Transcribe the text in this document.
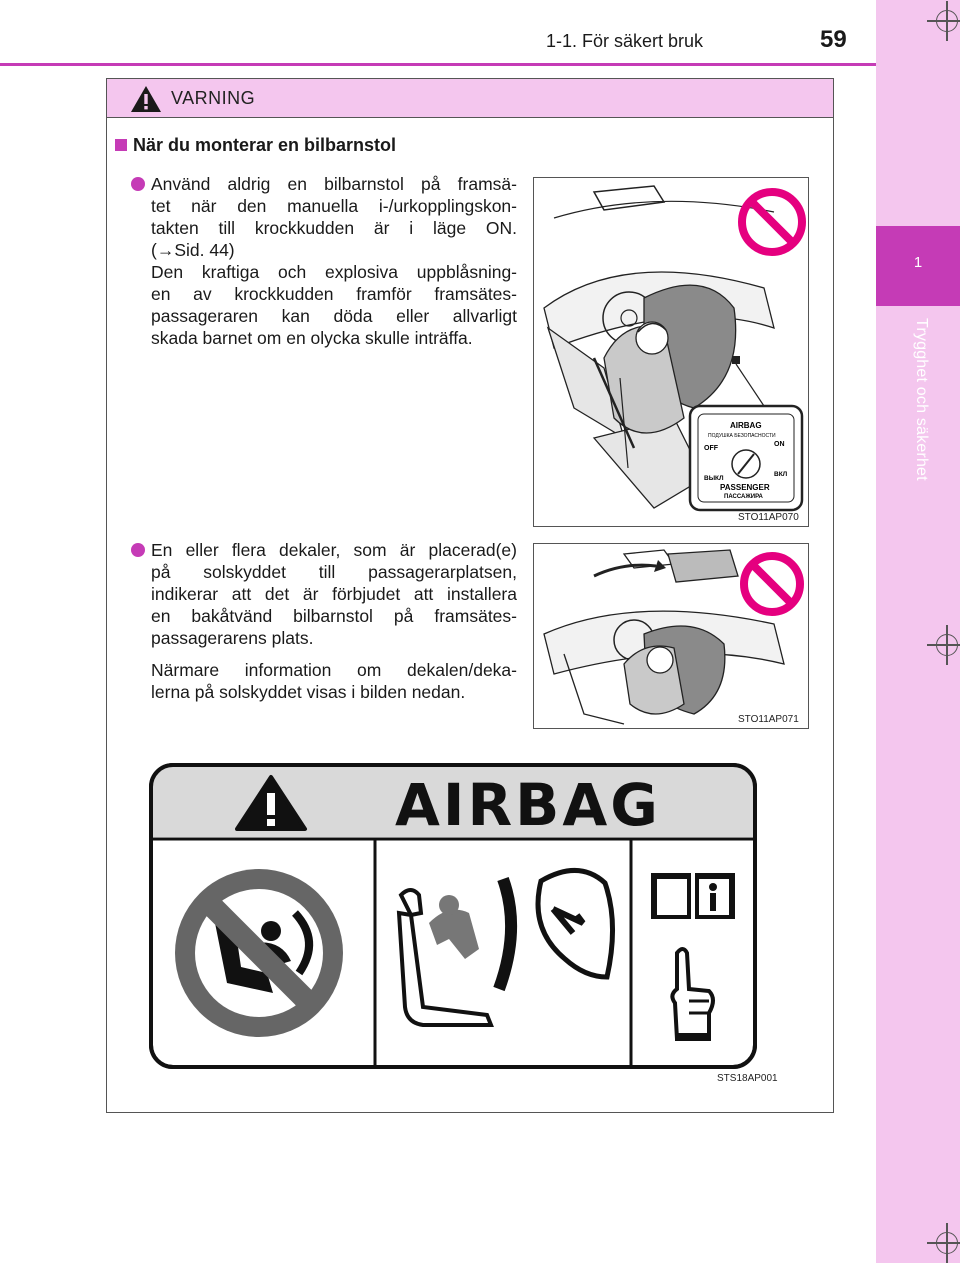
1
Trygghet och säkerhet
1-1. För säkert bruk	59
VARNING
När du monterar en bilbarnstol
Använd aldrig en bilbarnstol på framsä-
tet när den manuella i-/urkopplingskon-
takten till krockkudden är i läge ON.
(→Sid. 44)
Den kraftiga och explosiva uppblåsning-
en av krockkudden framför framsätes-
passageraren kan döda eller allvarligt
skada barnet om en olycka skulle inträffa.
AIRBAG
ПОДУШКА БЕЗОПАСНОСТИ
OFF
ON
ВЫКЛ
ВКЛ
PASSENGER
ПАССАЖИРА
STO11AP070
En eller flera dekaler, som är placerad(e)
på solskyddet till passagerarplatsen,
indikerar att det är förbjudet att installera
en bakåtvänd bilbarnstol på framsätes-
passagerarens plats.
Närmare information om dekalen/deka-
lerna på solskyddet visas i bilden nedan.
STO11AP071
AIRBAG
STS18AP001
